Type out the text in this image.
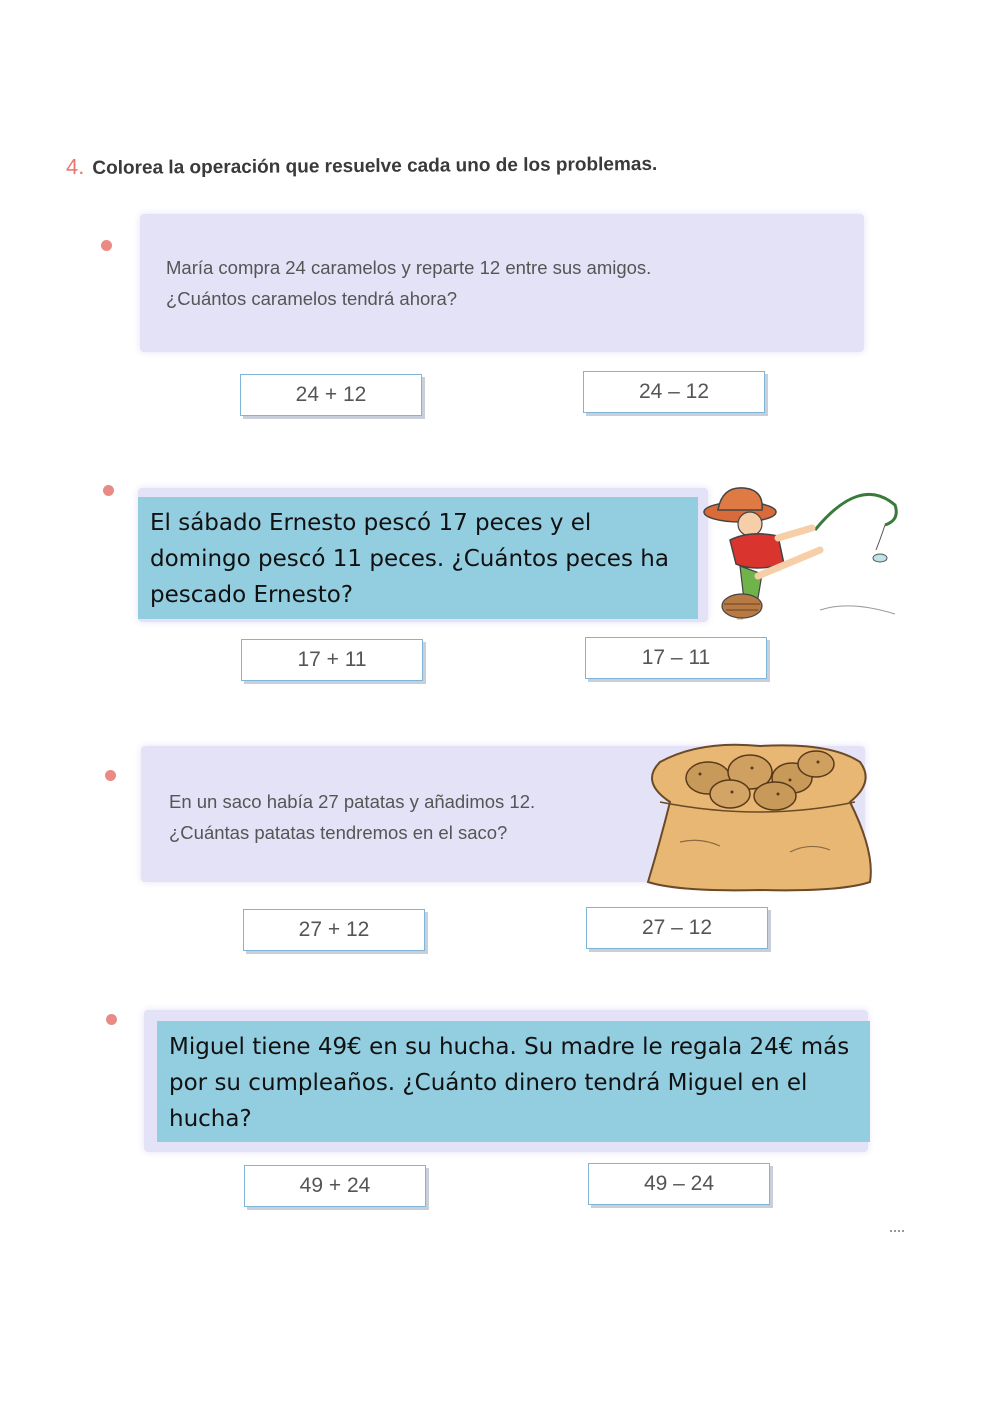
4. Colorea la operación que resuelve cada uno de los problemas.
María compra 24 caramelos y reparte 12 entre sus amigos.
¿Cuántos caramelos tendrá ahora?
24 + 12	24 – 12
El sábado Ernesto pescó 17 peces y el domingo pescó 11 peces. ¿Cuántos peces ha pescado Ernesto?
17 + 11	17 – 11
En un saco había 27 patatas y añadimos 12.
¿Cuántas patatas tendremos en el saco?
27 + 12	27 – 12
Miguel tiene 49€ en su hucha. Su madre le regala 24€ más por su cumpleaños. ¿Cuánto dinero tendrá Miguel en el hucha?
49 + 24	49 – 24
